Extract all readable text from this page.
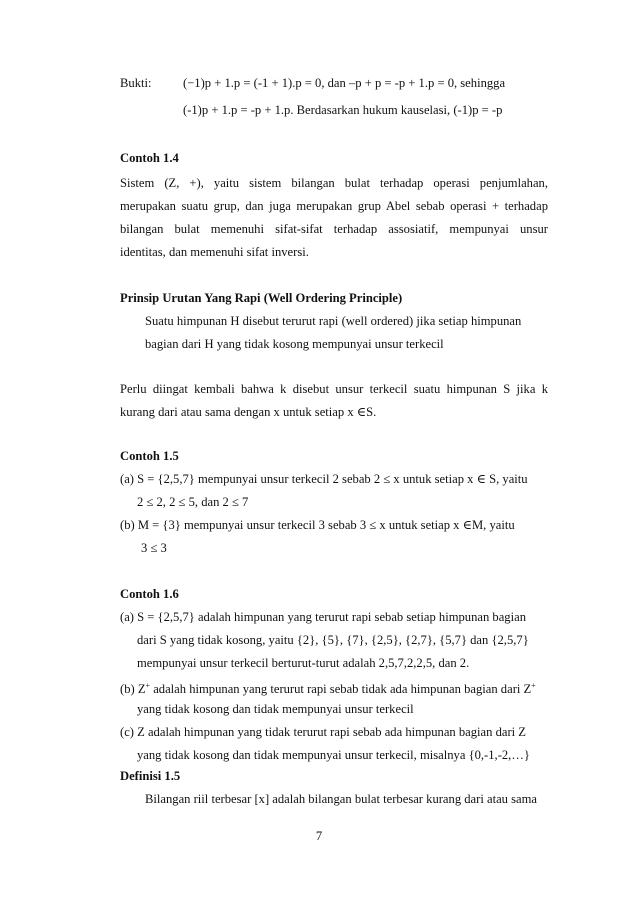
Bukti:	(−1)p + 1.p = (-1 + 1).p = 0, dan –p + p = -p + 1.p = 0, sehingga
(-1)p + 1.p = -p + 1.p. Berdasarkan hukum kauselasi, (-1)p = -p
Contoh 1.4
Sistem (Z, +), yaitu sistem bilangan bulat terhadap operasi penjumlahan,
merupakan suatu grup, dan juga merupakan grup Abel sebab operasi + terhadap
bilangan bulat memenuhi sifat-sifat terhadap assosiatif, mempunyai unsur
identitas, dan memenuhi sifat inversi.
Prinsip Urutan Yang Rapi (Well Ordering Principle)
Suatu himpunan H disebut terurut rapi (well ordered) jika setiap himpunan
bagian dari H yang tidak kosong mempunyai unsur terkecil
Perlu diingat kembali bahwa k disebut unsur terkecil suatu himpunan S jika k
kurang dari atau sama dengan x untuk setiap x ∈S.
Contoh 1.5
(a) S = {2,5,7} mempunyai unsur terkecil 2 sebab 2 ≤ x untuk setiap x ∈ S, yaitu
2 ≤ 2, 2 ≤ 5, dan 2 ≤ 7
(b) M = {3} mempunyai unsur terkecil 3 sebab 3 ≤ x untuk setiap x ∈M, yaitu
3 ≤ 3
Contoh 1.6
(a) S = {2,5,7} adalah himpunan yang terurut rapi sebab setiap himpunan bagian
dari S yang tidak kosong, yaitu {2}, {5}, {7}, {2,5}, {2,7}, {5,7} dan {2,5,7}
mempunyai unsur terkecil berturut-turut adalah 2,5,7,2,2,5, dan 2.
(b) Z+ adalah himpunan yang terurut rapi sebab tidak ada himpunan bagian dari Z+
yang tidak kosong dan tidak mempunyai unsur terkecil
(c) Z adalah himpunan yang tidak terurut rapi sebab ada himpunan bagian dari Z
yang tidak kosong dan tidak mempunyai unsur terkecil, misalnya {0,-1,-2,…}
Definisi 1.5
Bilangan riil terbesar [x] adalah bilangan bulat terbesar kurang dari atau sama
7
